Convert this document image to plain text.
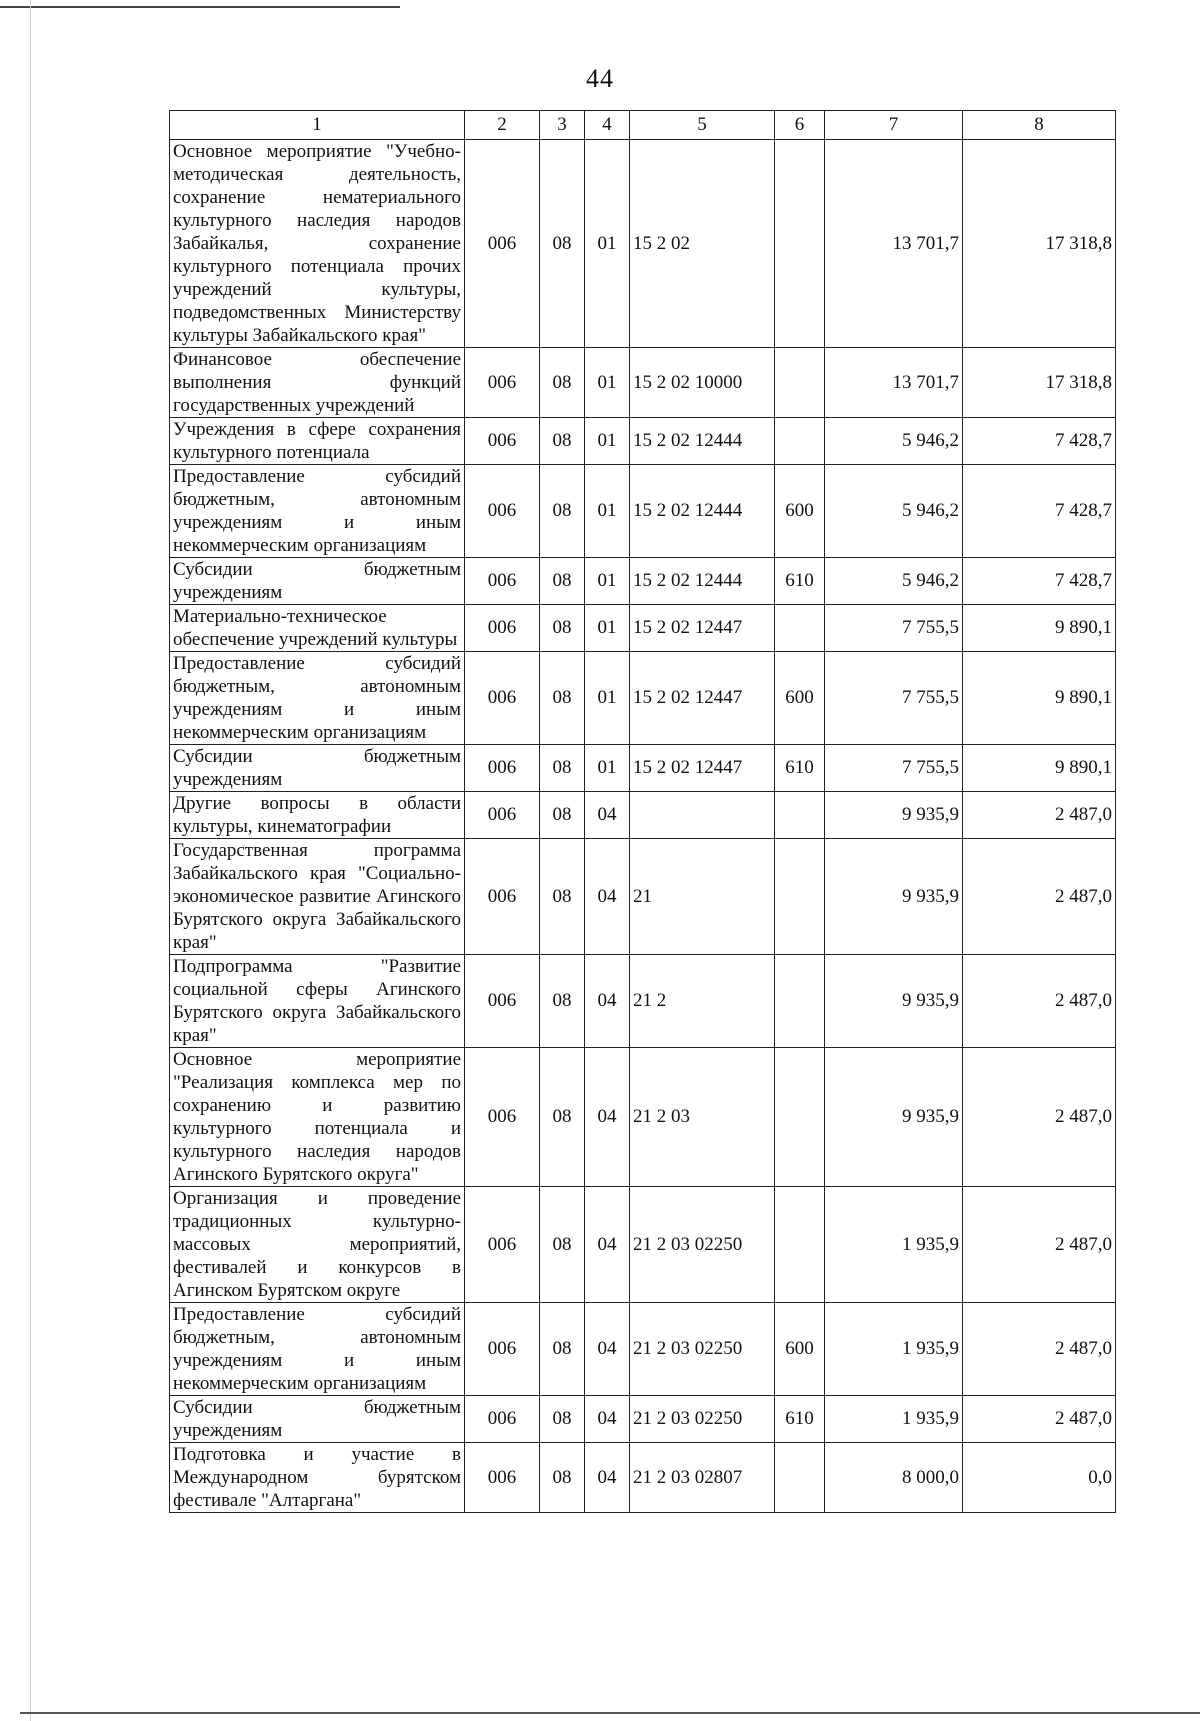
44
1	2	3	4	5	6	7	8
Основное мероприятие "Учебно-методическая деятельность, сохранение нематериального культурного наследия народов Забайкалья, сохранение культурного потенциала прочих учреждений культуры, подведомственных Министерству культуры Забайкальского края"	006	08	01	15 2 02		13 701,7	17 318,8
Финансовое обеспечение выполнения функций государственных учреждений	006	08	01	15 2 02 10000		13 701,7	17 318,8
Учреждения в сфере сохранения культурного потенциала	006	08	01	15 2 02 12444		5 946,2	7 428,7
Предоставление субсидий бюджетным, автономным учреждениям и иным некоммерческим организациям	006	08	01	15 2 02 12444	600	5 946,2	7 428,7
Субсидии бюджетным учреждениям	006	08	01	15 2 02 12444	610	5 946,2	7 428,7
Материально-техническое обеспечение учреждений культуры	006	08	01	15 2 02 12447		7 755,5	9 890,1
Предоставление субсидий бюджетным, автономным учреждениям и иным некоммерческим организациям	006	08	01	15 2 02 12447	600	7 755,5	9 890,1
Субсидии бюджетным учреждениям	006	08	01	15 2 02 12447	610	7 755,5	9 890,1
Другие вопросы в области культуры, кинематографии	006	08	04			9 935,9	2 487,0
Государственная программа Забайкальского края "Социально-экономическое развитие Агинского Бурятского округа Забайкальского края"	006	08	04	21		9 935,9	2 487,0
Подпрограмма "Развитие социальной сферы Агинского Бурятского округа Забайкальского края"	006	08	04	21 2		9 935,9	2 487,0
Основное мероприятие "Реализация комплекса мер по сохранению и развитию культурного потенциала и культурного наследия народов Агинского Бурятского округа"	006	08	04	21 2 03		9 935,9	2 487,0
Организация и проведение традиционных культурно-массовых мероприятий, фестивалей и конкурсов в Агинском Бурятском округе	006	08	04	21 2 03 02250		1 935,9	2 487,0
Предоставление субсидий бюджетным, автономным учреждениям и иным некоммерческим организациям	006	08	04	21 2 03 02250	600	1 935,9	2 487,0
Субсидии бюджетным учреждениям	006	08	04	21 2 03 02250	610	1 935,9	2 487,0
Подготовка и участие в Международном бурятском фестивале "Алтаргана"	006	08	04	21 2 03 02807		8 000,0	0,0
